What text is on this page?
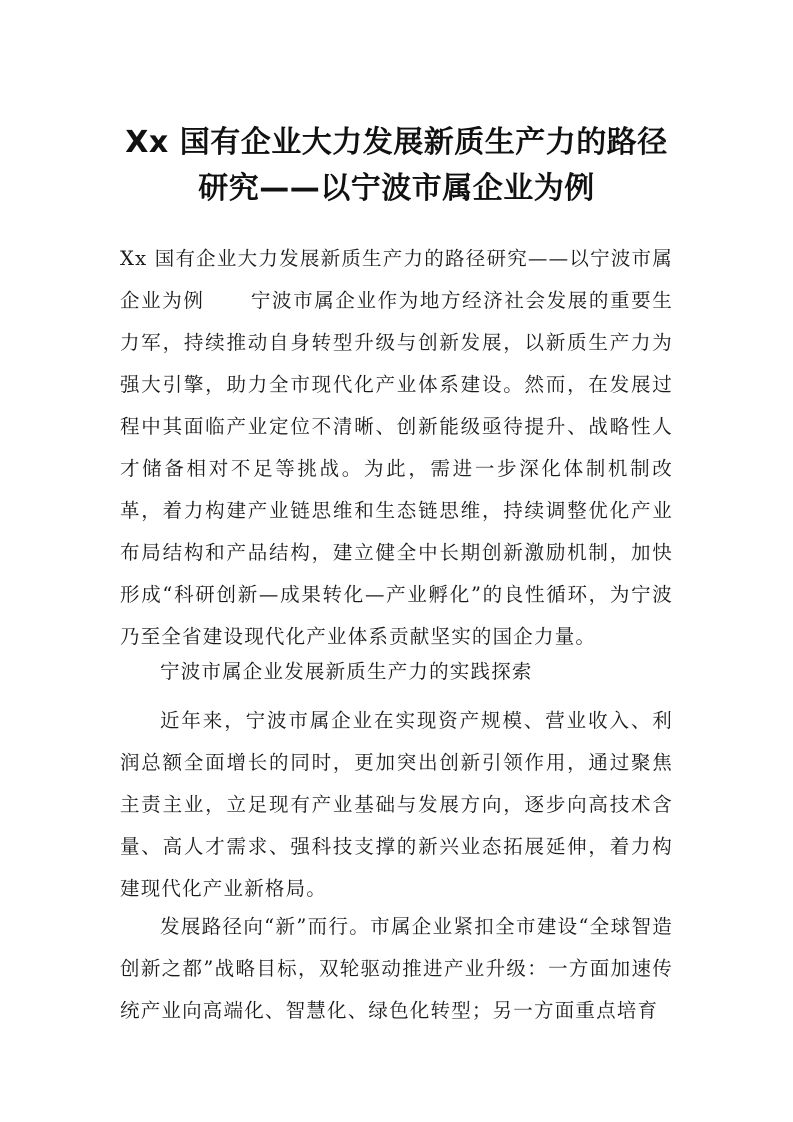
Xx 国有企业大力发展新质生产力的路径研究——以宁波市属企业为例

Xx 国有企业大力发展新质生产力的路径研究——以宁波市属企业为例 宁波市属企业作为地方经济社会发展的重要生力军，持续推动自身转型升级与创新发展，以新质生产力为强大引擎，助力全市现代化产业体系建设。然而，在发展过程中其面临产业定位不清晰、创新能级亟待提升、战略性人才储备相对不足等挑战。为此，需进一步深化体制机制改革，着力构建产业链思维和生态链思维，持续调整优化产业布局结构和产品结构，建立健全中长期创新激励机制，加快形成“科研创新—成果转化—产业孵化”的良性循环，为宁波乃至全省建设现代化产业体系贡献坚实的国企力量。

宁波市属企业发展新质生产力的实践探索

近年来，宁波市属企业在实现资产规模、营业收入、利润总额全面增长的同时，更加突出创新引领作用，通过聚焦主责主业，立足现有产业基础与发展方向，逐步向高技术含量、高人才需求、强科技支撑的新兴业态拓展延伸，着力构建现代化产业新格局。

发展路径向“新”而行。市属企业紧扣全市建设“全球智造创新之都”战略目标，双轮驱动推进产业升级：一方面加速传统产业向高端化、智慧化、绿色化转型；另一方面重点培育
